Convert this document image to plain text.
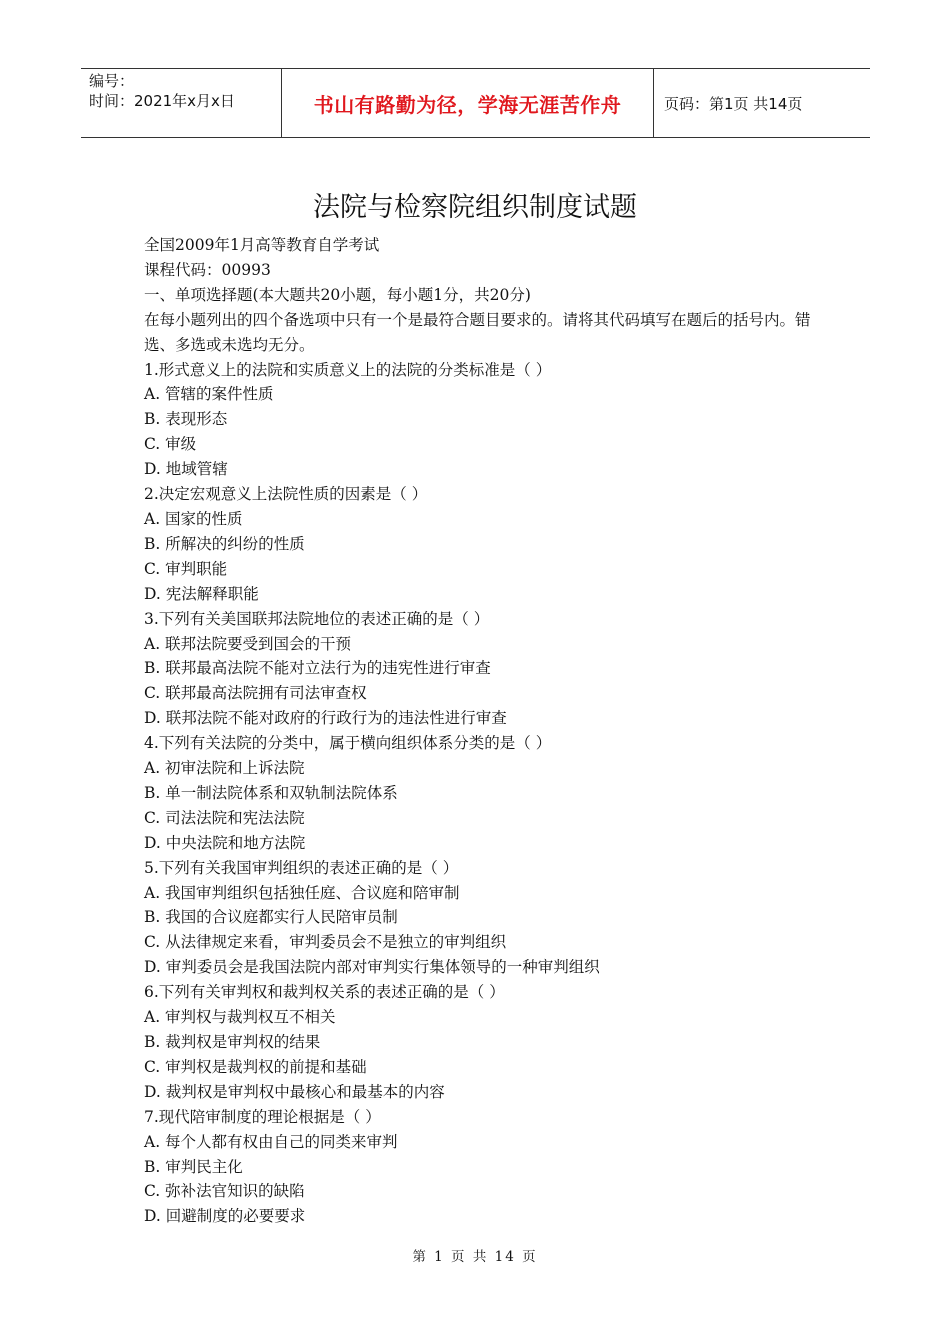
编号：
时间：2021年x月x日	书山有路勤为径，学海无涯苦作舟	页码：第1页 共14页
法院与检察院组织制度试题
全国2009年1月高等教育自学考试
课程代码：00993
一、单项选择题(本大题共20小题，每小题1分，共20分)
在每小题列出的四个备选项中只有一个是最符合题目要求的。请将其代码填写在题后的括号内。错选、多选或未选均无分。
1.形式意义上的法院和实质意义上的法院的分类标准是（ ）
A. 管辖的案件性质
B. 表现形态
C. 审级
D. 地域管辖
2.决定宏观意义上法院性质的因素是（ ）
A. 国家的性质
B. 所解决的纠纷的性质
C. 审判职能
D. 宪法解释职能
3.下列有关美国联邦法院地位的表述正确的是（ ）
A. 联邦法院要受到国会的干预
B. 联邦最高法院不能对立法行为的违宪性进行审查
C. 联邦最高法院拥有司法审查权
D. 联邦法院不能对政府的行政行为的违法性进行审查
4.下列有关法院的分类中，属于横向组织体系分类的是（ ）
A. 初审法院和上诉法院
B. 单一制法院体系和双轨制法院体系
C. 司法法院和宪法法院
D. 中央法院和地方法院
5.下列有关我国审判组织的表述正确的是（ ）
A. 我国审判组织包括独任庭、合议庭和陪审制
B. 我国的合议庭都实行人民陪审员制
C. 从法律规定来看，审判委员会不是独立的审判组织
D. 审判委员会是我国法院内部对审判实行集体领导的一种审判组织
6.下列有关审判权和裁判权关系的表述正确的是（ ）
A. 审判权与裁判权互不相关
B. 裁判权是审判权的结果
C. 审判权是裁判权的前提和基础
D. 裁判权是审判权中最核心和最基本的内容
7.现代陪审制度的理论根据是（ ）
A. 每个人都有权由自己的同类来审判
B. 审判民主化
C. 弥补法官知识的缺陷
D. 回避制度的必要要求
第 1 页 共 14 页
